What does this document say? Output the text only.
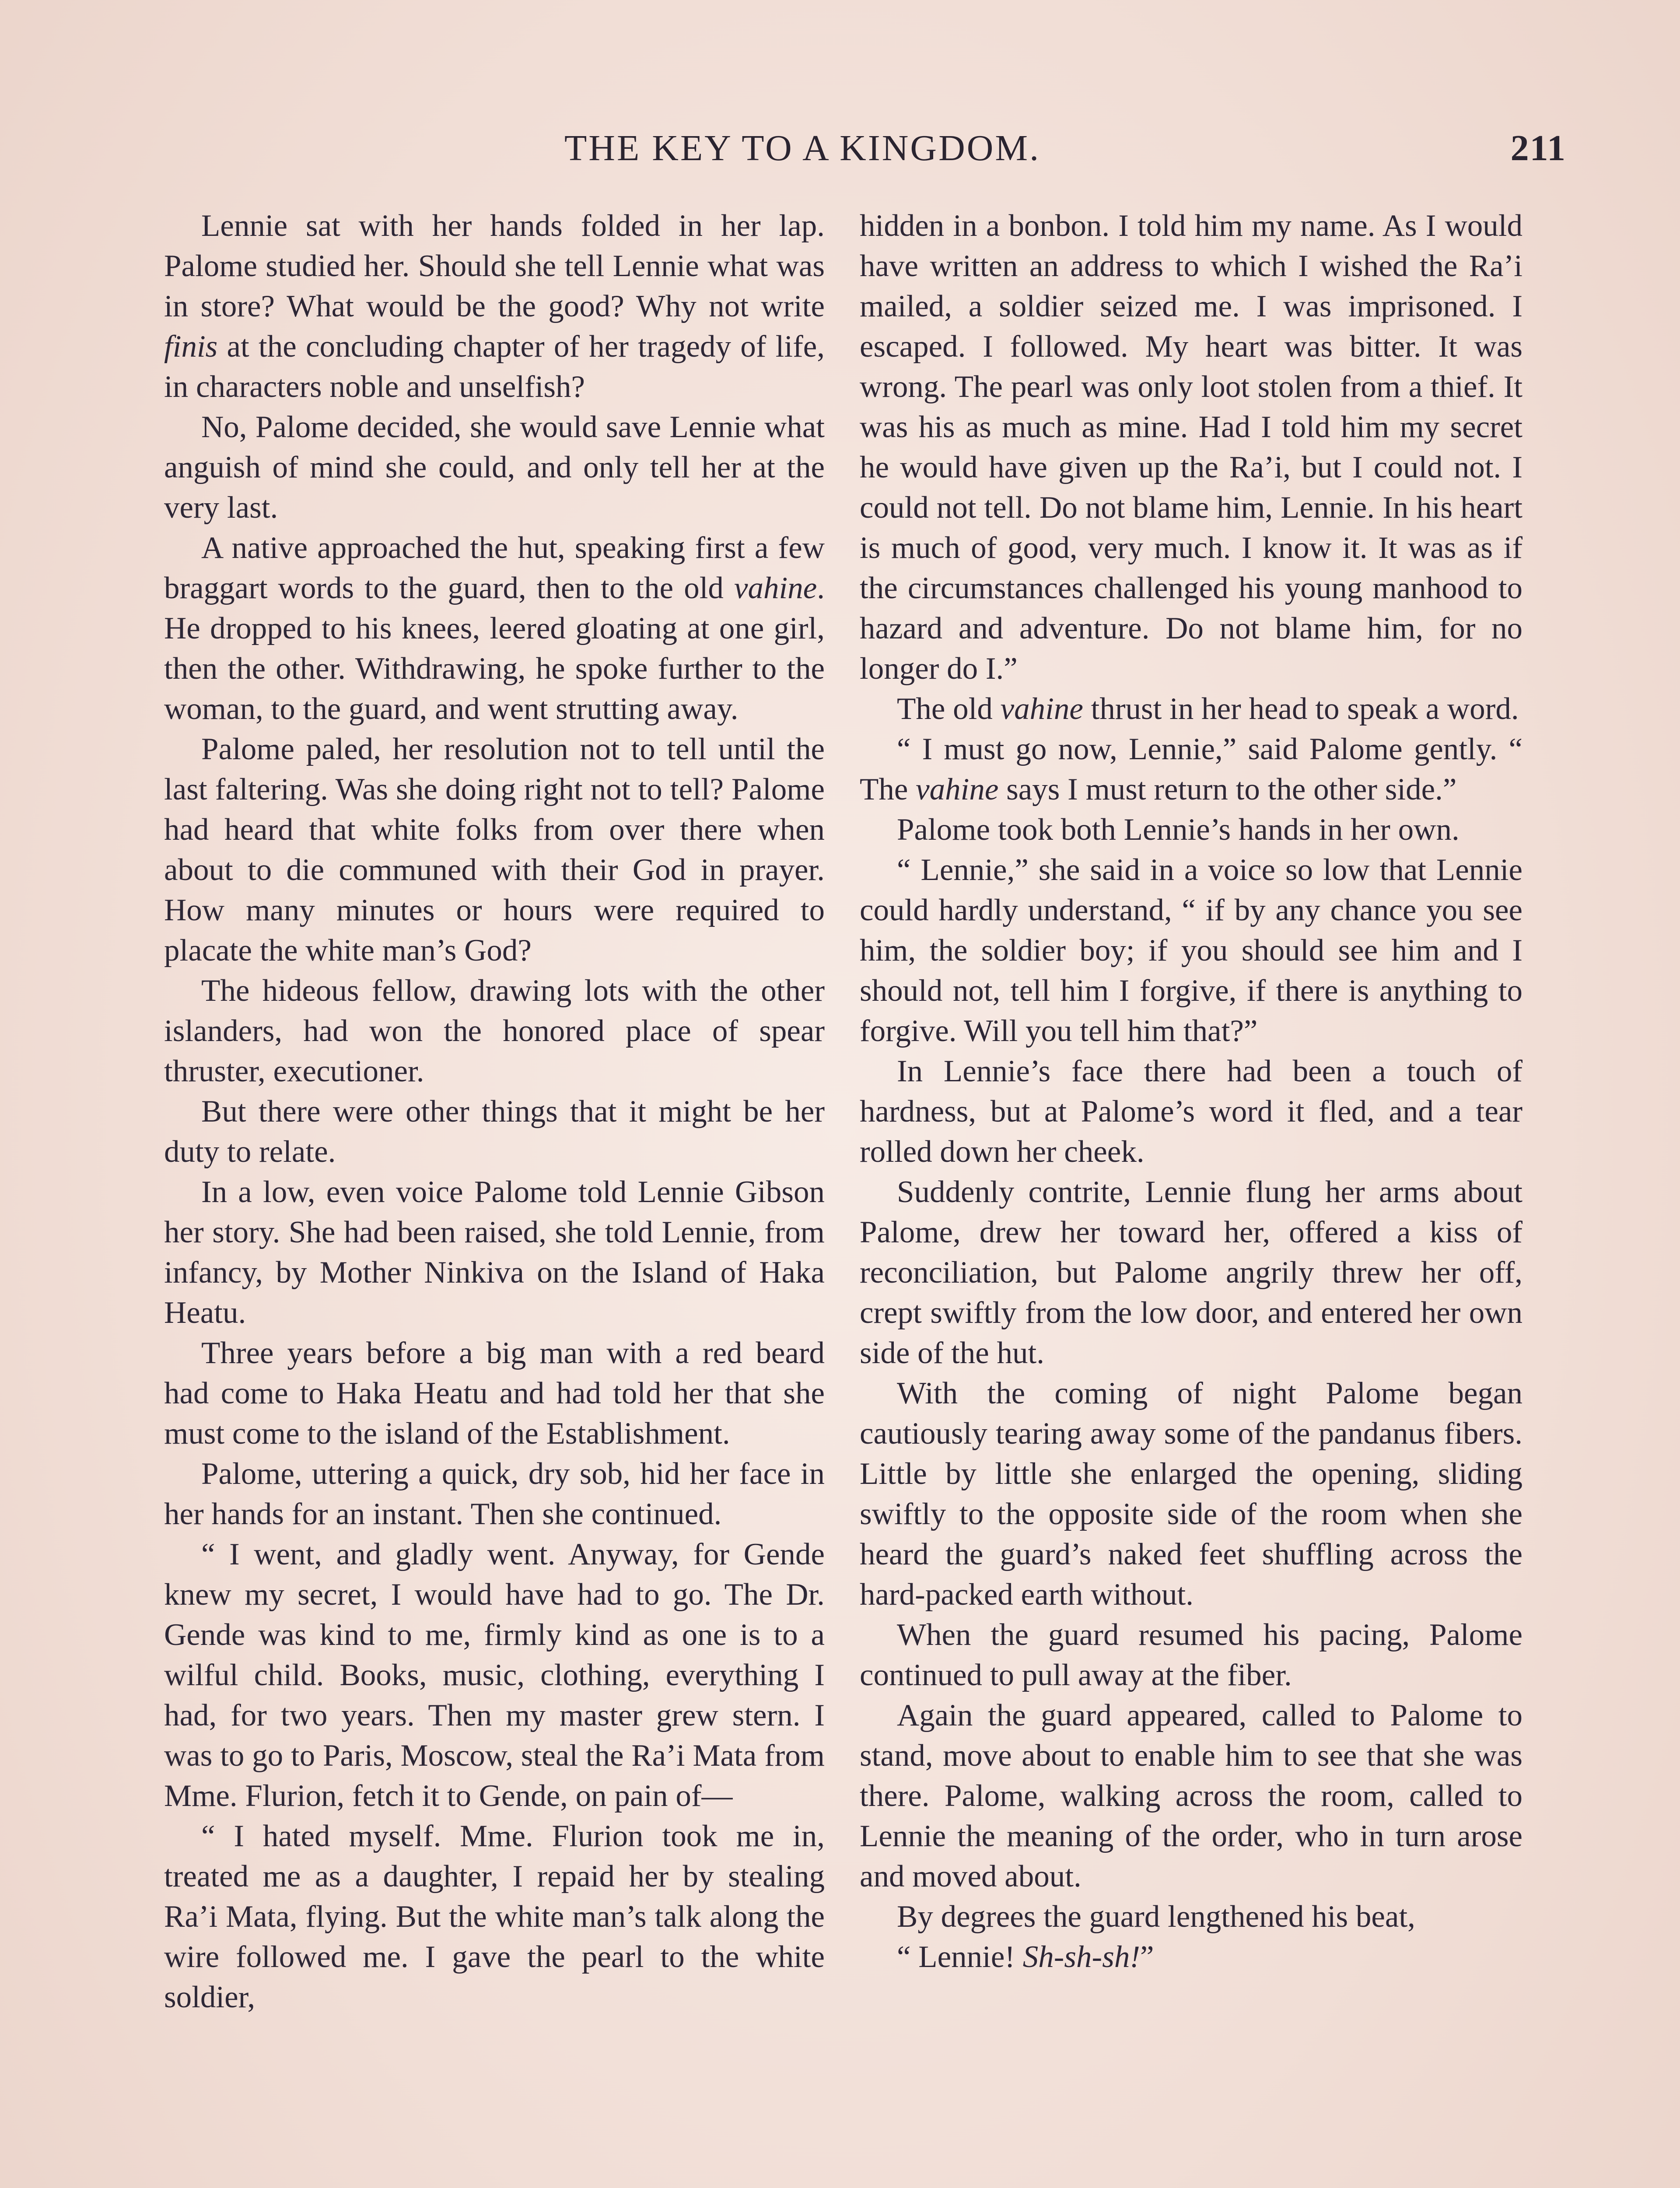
THE KEY TO A KINGDOM.	211

Lennie sat with her hands folded in her lap. Palome studied her. Should she tell Lennie what was in store? What would be the good? Why not write finis at the concluding chapter of her tragedy of life, in characters noble and unselfish?

No, Palome decided, she would save Lennie what anguish of mind she could, and only tell her at the very last.

A native approached the hut, speaking first a few braggart words to the guard, then to the old vahine. He dropped to his knees, leered gloating at one girl, then the other. Withdrawing, he spoke further to the woman, to the guard, and went strutting away.

Palome paled, her resolution not to tell until the last faltering. Was she doing right not to tell? Palome had heard that white folks from over there when about to die communed with their God in prayer. How many minutes or hours were required to placate the white man’s God?

The hideous fellow, drawing lots with the other islanders, had won the honored place of spear thruster, executioner.

But there were other things that it might be her duty to relate.

In a low, even voice Palome told Lennie Gibson her story. She had been raised, she told Lennie, from infancy, by Mother Ninkiva on the Island of Haka Heatu.

Three years before a big man with a red beard had come to Haka Heatu and had told her that she must come to the island of the Establishment.

Palome, uttering a quick, dry sob, hid her face in her hands for an instant. Then she continued.

“ I went, and gladly went. Anyway, for Gende knew my secret, I would have had to go. The Dr. Gende was kind to me, firmly kind as one is to a wilful child. Books, music, clothing, everything I had, for two years. Then my master grew stern. I was to go to Paris, Moscow, steal the Ra’i Mata from Mme. Flurion, fetch it to Gende, on pain of—

“ I hated myself. Mme. Flurion took me in, treated me as a daughter, I repaid her by stealing Ra’i Mata, flying. But the white man’s talk along the wire followed me. I gave the pearl to the white soldier,

hidden in a bonbon. I told him my name. As I would have written an address to which I wished the Ra’i mailed, a soldier seized me. I was imprisoned. I escaped. I followed. My heart was bitter. It was wrong. The pearl was only loot stolen from a thief. It was his as much as mine. Had I told him my secret he would have given up the Ra’i, but I could not. I could not tell. Do not blame him, Lennie. In his heart is much of good, very much. I know it. It was as if the circumstances challenged his young manhood to hazard and adventure. Do not blame him, for no longer do I.”

The old vahine thrust in her head to speak a word.

“ I must go now, Lennie,” said Palome gently. “ The vahine says I must return to the other side.”

Palome took both Lennie’s hands in her own.

“ Lennie,” she said in a voice so low that Lennie could hardly understand, “ if by any chance you see him, the soldier boy; if you should see him and I should not, tell him I forgive, if there is anything to forgive. Will you tell him that?”

In Lennie’s face there had been a touch of hardness, but at Palome’s word it fled, and a tear rolled down her cheek.

Suddenly contrite, Lennie flung her arms about Palome, drew her toward her, offered a kiss of reconciliation, but Palome angrily threw her off, crept swiftly from the low door, and entered her own side of the hut.

With the coming of night Palome began cautiously tearing away some of the pandanus fibers. Little by little she enlarged the opening, sliding swiftly to the opposite side of the room when she heard the guard’s naked feet shuffling across the hard-packed earth without.

When the guard resumed his pacing, Palome continued to pull away at the fiber.

Again the guard appeared, called to Palome to stand, move about to enable him to see that she was there. Palome, walking across the room, called to Lennie the meaning of the order, who in turn arose and moved about.

By degrees the guard lengthened his beat,

“ Lennie! Sh-sh-sh!”
